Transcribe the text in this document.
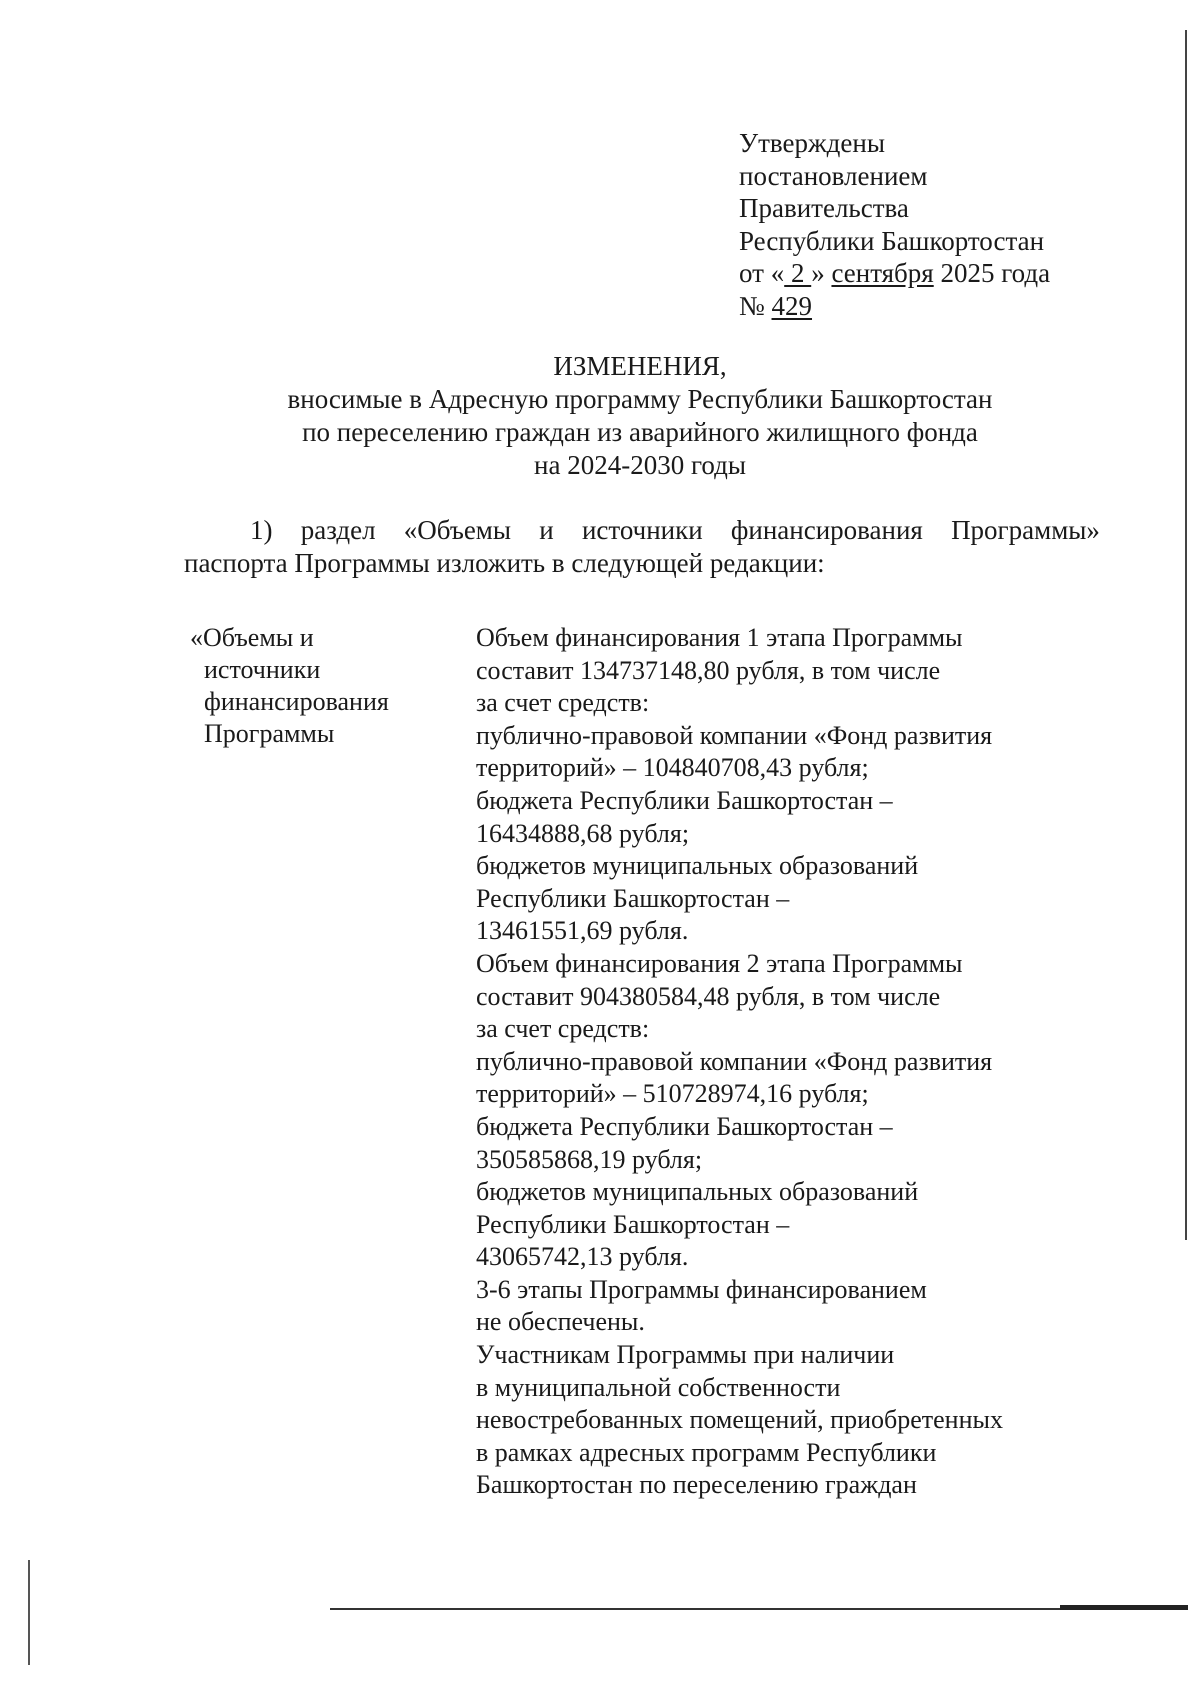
Утверждены
постановлением
Правительства
Республики Башкортостан
от « 2 » сентября 2025 года
№ 429
ИЗМЕНЕНИЯ,
вносимые в Адресную программу Республики Башкортостан
по переселению граждан из аварийного жилищного фонда
на 2024-2030 годы
1) раздел «Объемы и источники финансирования Программы»
паспорта Программы изложить в следующей редакции:
«Объемы и
источники
финансирования
Программы
Объем финансирования 1 этапа Программы
составит 134737148,80 рубля, в том числе
за счет средств:
публично-правовой компании «Фонд развития
территорий» – 104840708,43 рубля;
бюджета Республики Башкортостан –
16434888,68 рубля;
бюджетов муниципальных образований
Республики Башкортостан –
13461551,69 рубля.
Объем финансирования 2 этапа Программы
составит 904380584,48 рубля, в том числе
за счет средств:
публично-правовой компании «Фонд развития
территорий» – 510728974,16 рубля;
бюджета Республики Башкортостан –
350585868,19 рубля;
бюджетов муниципальных образований
Республики Башкортостан –
43065742,13 рубля.
3-6 этапы Программы финансированием
не обеспечены.
Участникам Программы при наличии
в муниципальной собственности
невостребованных помещений, приобретенных
в рамках адресных программ Республики
Башкортостан по переселению граждан
